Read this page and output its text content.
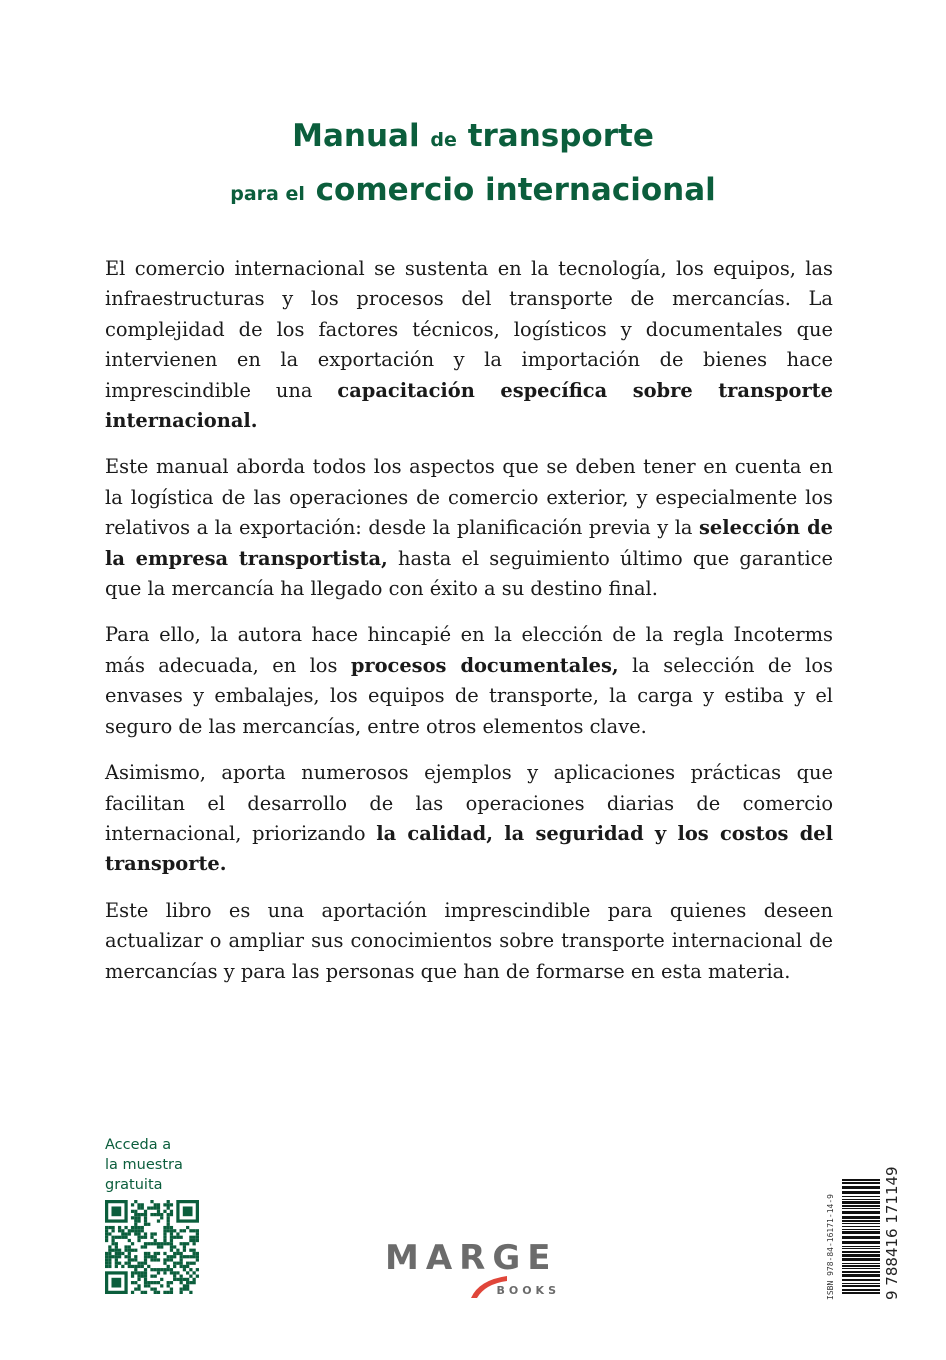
Manual de transporte
para el comercio internacional

El comercio internacional se sustenta en la tecnología, los equipos, las infraestructuras y los procesos del transporte de mercancías. La complejidad de los factores técnicos, logísticos y documentales que intervienen en la exportación y la importación de bienes hace imprescindible una capacitación específica sobre transporte internacional.

Este manual aborda todos los aspectos que se deben tener en cuenta en la logística de las operaciones de comercio exterior, y especialmente los relativos a la exportación: desde la planificación previa y la selección de la empresa transportista, hasta el seguimiento último que garantice que la mercancía ha llegado con éxito a su destino final.

Para ello, la autora hace hincapié en la elección de la regla Incoterms más adecuada, en los procesos documentales, la selección de los envases y embalajes, los equipos de transporte, la carga y estiba y el seguro de las mercancías, entre otros elementos clave.

Asimismo, aporta numerosos ejemplos y aplicaciones prácticas que facilitan el desarrollo de las operaciones diarias de comercio internacional, priorizando la calidad, la seguridad y los costos del transporte.

Este libro es una aportación imprescindible para quienes deseen actualizar o ampliar sus conocimientos sobre transporte internacional de mercancías y para las personas que han de formarse en esta materia.

Acceda a
la muestra
gratuita
MARGE
BOOKS	ISBN 978-84-16171-14-9	9 788416 171149
